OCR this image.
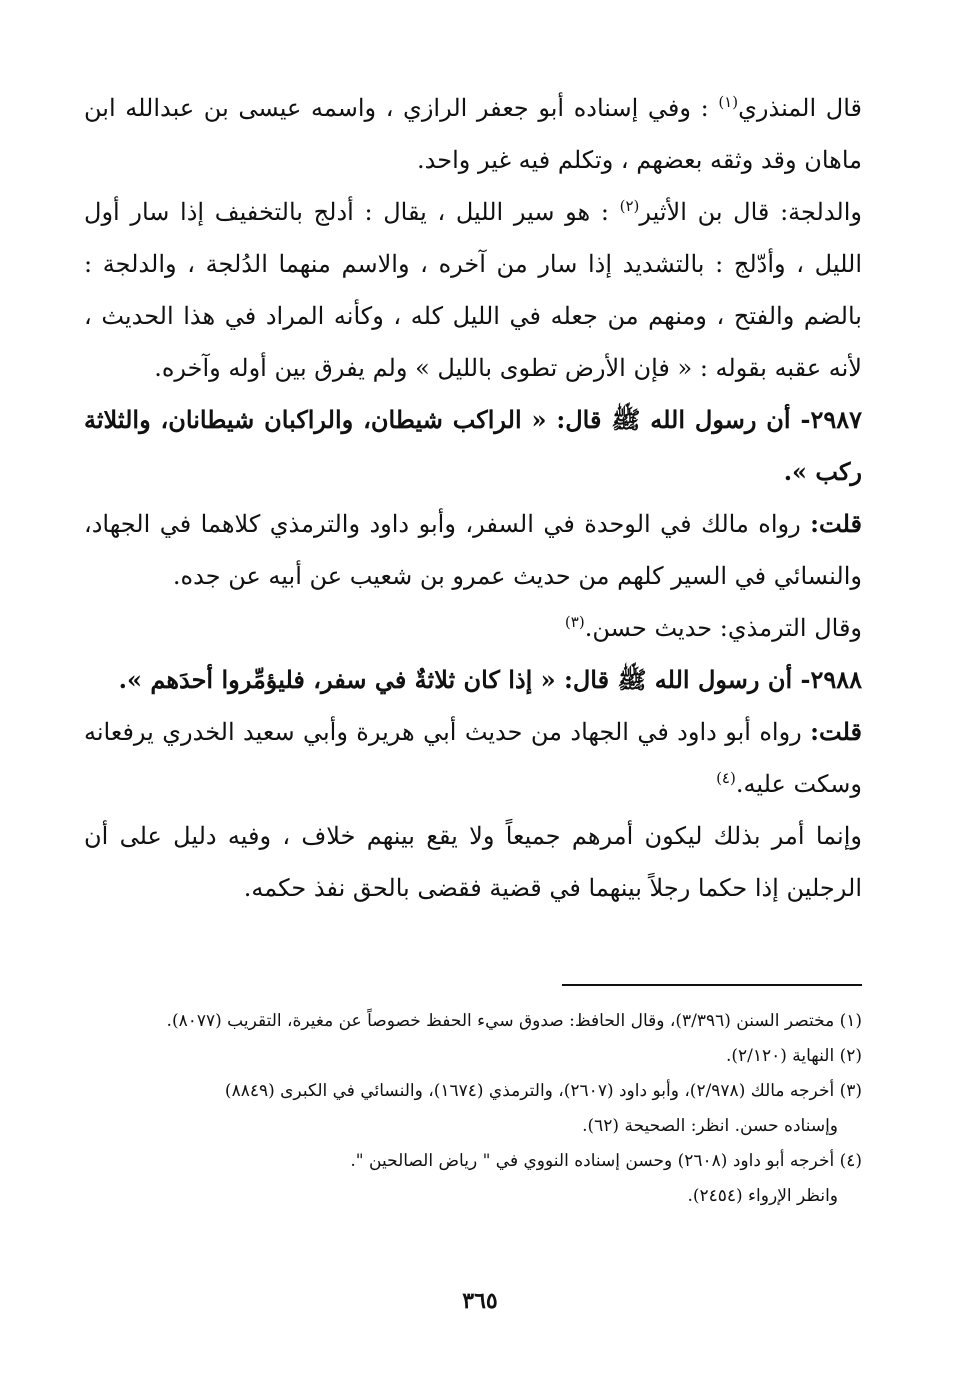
قال المنذري$^{(١)}$ : وفي إسناده أبو جعفر الرازي ، واسمه عيسى بن عبدالله ابن ماهان وقد وثقه بعضهم ، وتكلم فيه غير واحد.

والدلجة: قال بن الأثير$^{(٢)}$ : هو سير الليل ، يقال : أدلج بالتخفيف إذا سار أول الليل ، وأدّلج : بالتشديد إذا سار من آخره ، والاسم منهما الدُلجة ، والدلجة : بالضم والفتح ، ومنهم من جعله في الليل كله ، وكأنه المراد في هذا الحديث ، لأنه عقبه بقوله : « فإن الأرض تطوى بالليل » ولم يفرق بين أوله وآخره.

٢٩٨٧- أن رسول الله ﷺ قال: « الراكب شيطان، والراكبان شيطانان، والثلاثة ركب ».

قلت: رواه مالك في الوحدة في السفر، وأبو داود والترمذي كلاهما في الجهاد، والنسائي في السير كلهم من حديث عمرو بن شعيب عن أبيه عن جده.

وقال الترمذي: حديث حسن.$^{(٣)}$

٢٩٨٨- أن رسول الله ﷺ قال: « إذا كان ثلاثةٌ في سفر، فليؤمِّروا أحدَهم ».

قلت: رواه أبو داود في الجهاد من حديث أبي هريرة وأبي سعيد الخدري يرفعانه وسكت عليه.$^{(٤)}$

وإنما أمر بذلك ليكون أمرهم جميعاً ولا يقع بينهم خلاف ، وفيه دليل على أن الرجلين إذا حكما رجلاً بينهما في قضية فقضى بالحق نفذ حكمه.

(١) مختصر السنن (٣/٣٩٦)، وقال الحافظ: صدوق سيء الحفظ خصوصاً عن مغيرة، التقريب (٨٠٧٧).

(٢) النهاية (٢/١٢٠).

(٣) أخرجه مالك (٢/٩٧٨)، وأبو داود (٢٦٠٧)، والترمذي (١٦٧٤)، والنسائي في الكبرى (٨٨٤٩)

وإسناده حسن. انظر: الصحيحة (٦٢).

(٤) أخرجه أبو داود (٢٦٠٨) وحسن إسناده النووي في " رياض الصالحين ".

وانظر الإرواء (٢٤٥٤).

٣٦٥
